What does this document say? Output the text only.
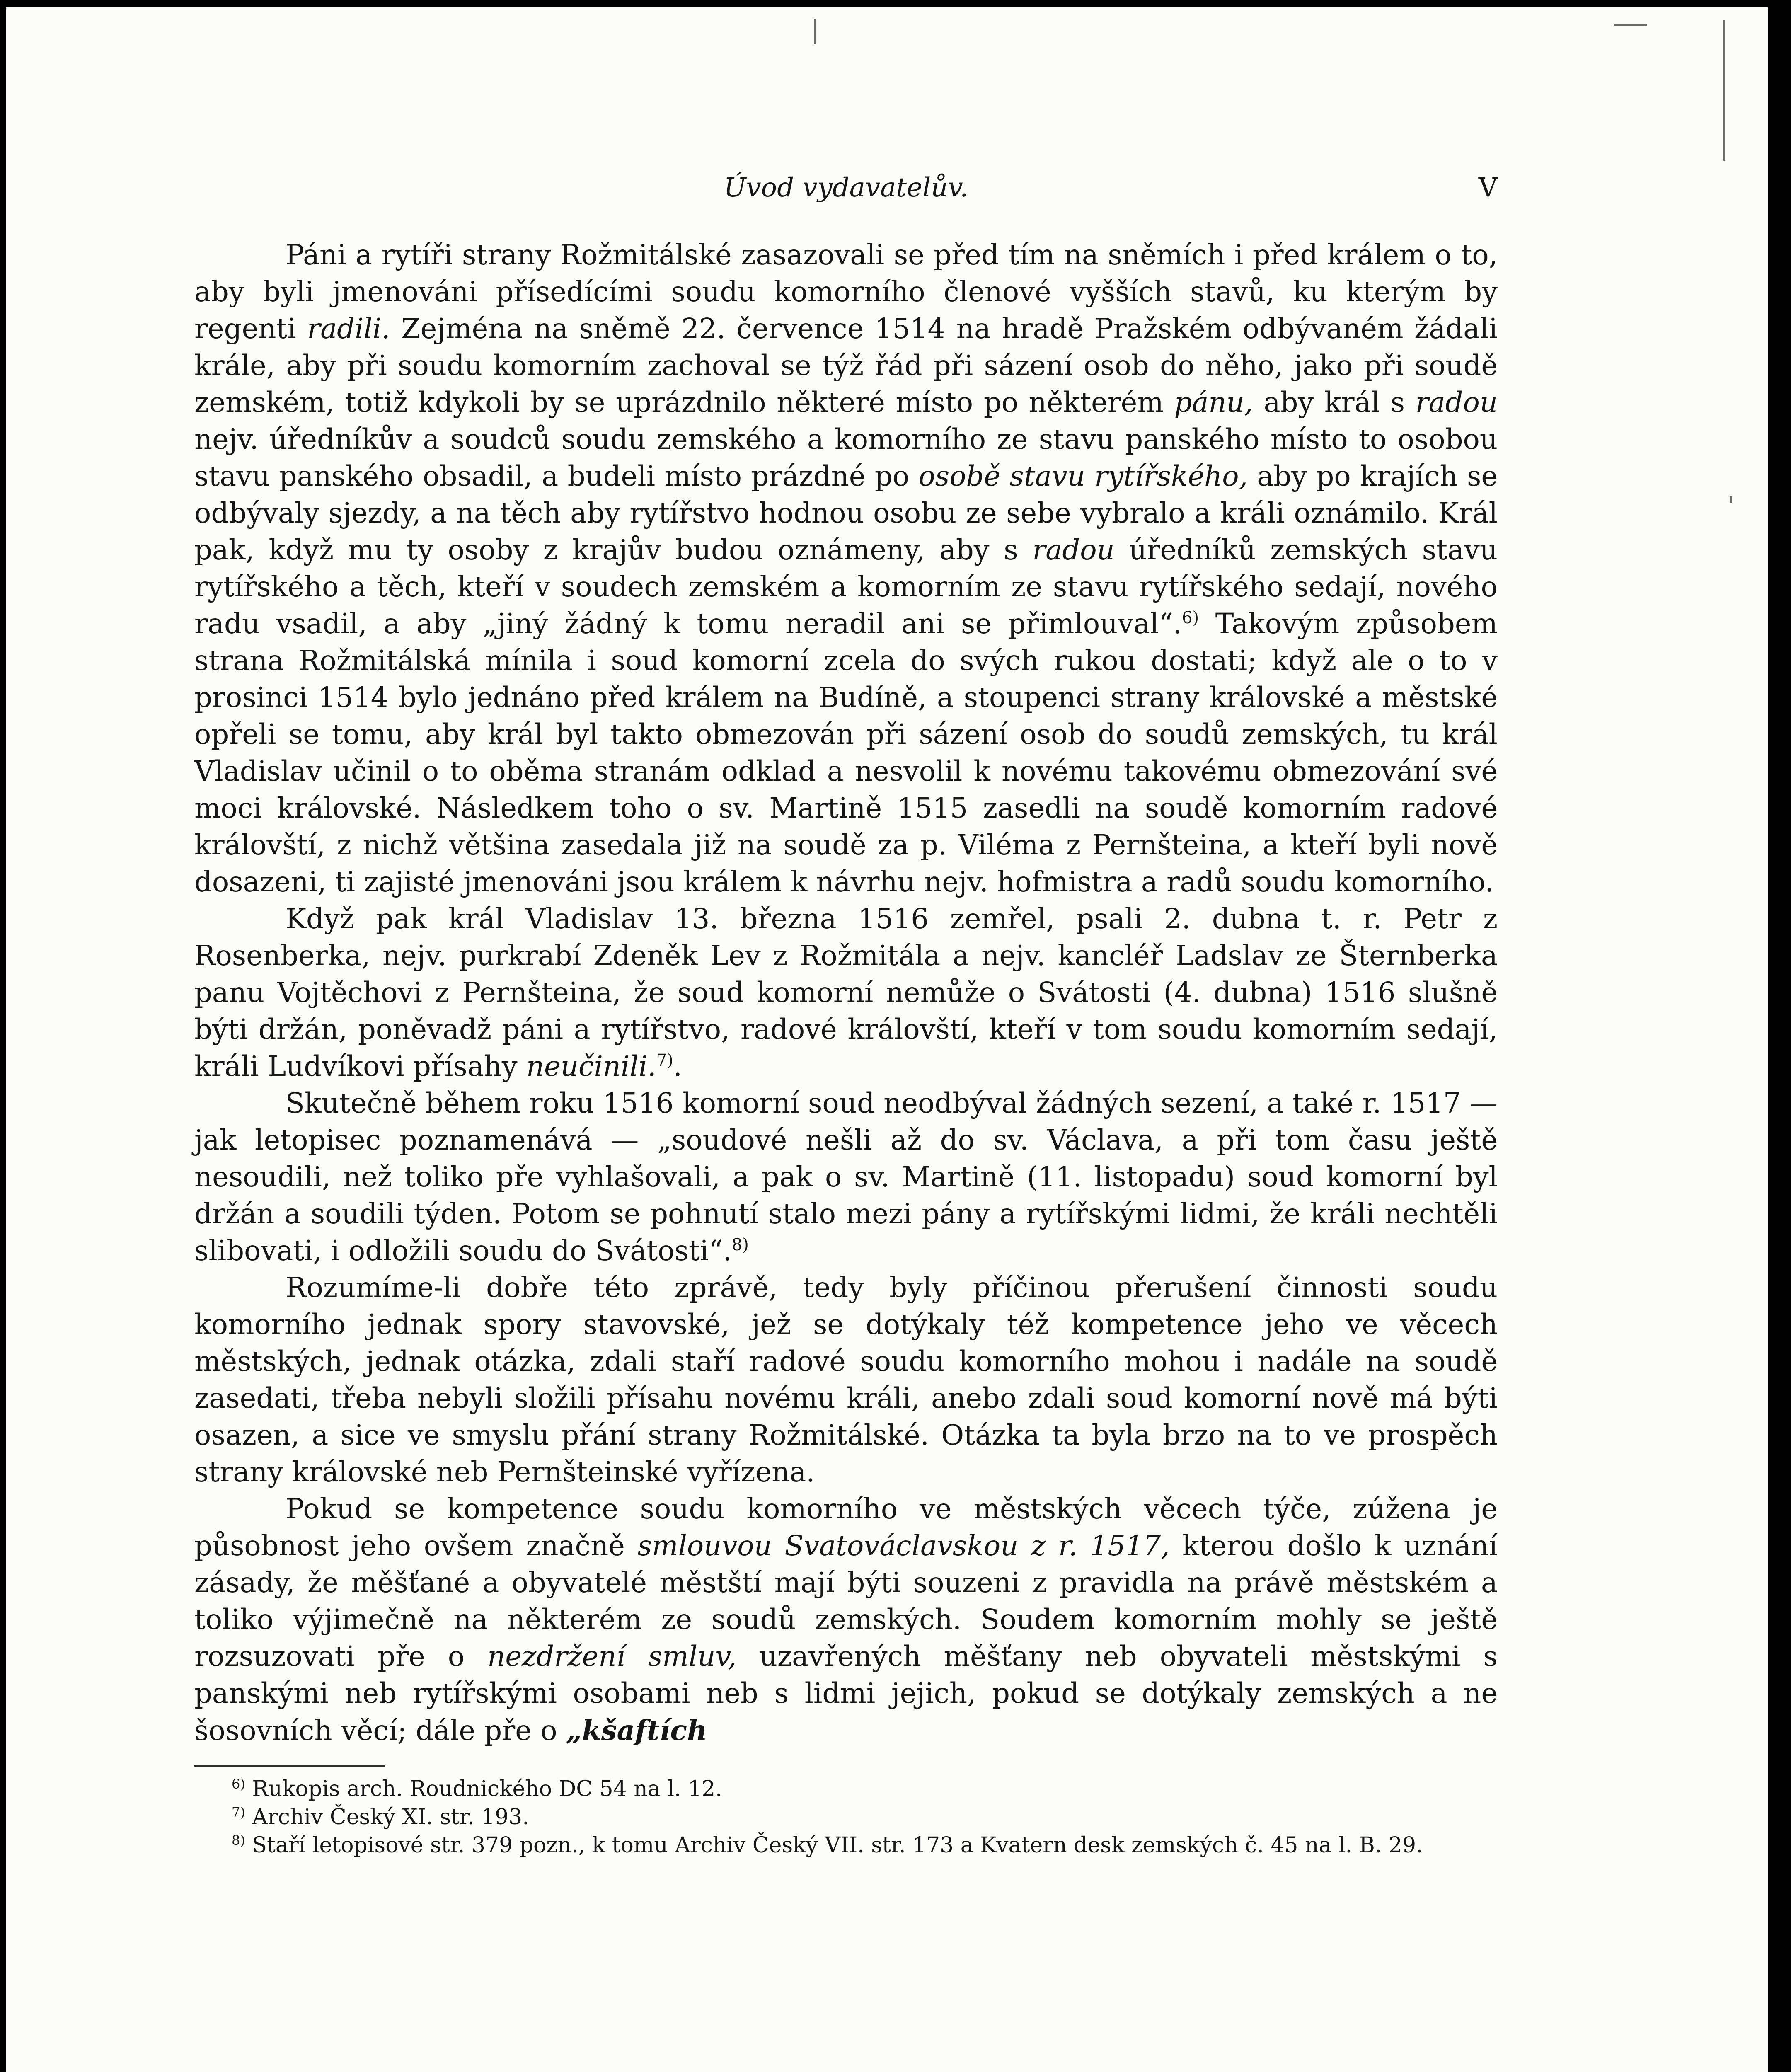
Úvod vydavatelův.	V

Páni a rytíři strany Rožmitálské zasazovali se před tím na sněmích i před králem o to, aby byli jmenováni přísedícími soudu komorního členové vyšších stavů, ku kterým by regenti radili. Zejména na sněmě 22. července 1514 na hradě Pražském odbývaném žádali krále, aby při soudu komorním zachoval se týž řád při sázení osob do něho, jako při soudě zemském, totiž kdykoli by se uprázdnilo některé místo po některém pánu, aby král s radou nejv. úředníkův a soudců soudu zemského a komorního ze stavu panského místo to osobou stavu panského obsadil, a budeli místo prázdné po osobě stavu rytířského, aby po krajích se odbývaly sjezdy, a na těch aby rytířstvo hodnou osobu ze sebe vybralo a králi oznámilo. Král pak, když mu ty osoby z krajův budou oznámeny, aby s radou úředníků zemských stavu rytířského a těch, kteří v soudech zemském a komorním ze stavu rytířského sedají, nového radu vsadil, a aby „jiný žádný k tomu neradil ani se přimlouval“.$^{6)}$ Takovým způsobem strana Rožmitálská mínila i soud komorní zcela do svých rukou dostati; když ale o to v prosinci 1514 bylo jednáno před králem na Budíně, a stoupenci strany královské a městské opřeli se tomu, aby král byl takto obmezován při sázení osob do soudů zemských, tu král Vladislav učinil o to oběma stranám odklad a nesvolil k novému takovému obmezování své moci královské. Následkem toho o sv. Martině 1515 zasedli na soudě komorním radové královští, z nichž většina zasedala již na soudě za p. Viléma z Pernšteina, a kteří byli nově dosazeni, ti zajisté jmenováni jsou králem k návrhu nejv. hofmistra a radů soudu komorního.

Když pak král Vladislav 13. března 1516 zemřel, psali 2. dubna t. r. Petr z Rosenberka, nejv. purkrabí Zdeněk Lev z Rožmitála a nejv. kancléř Ladslav ze Šternberka panu Vojtěchovi z Pernšteina, že soud komorní nemůže o Svátosti (4. dubna) 1516 slušně býti držán, poněvadž páni a rytířstvo, radové královští, kteří v tom soudu komorním sedají, králi Ludvíkovi přísahy neučinili.$^{7)}$.

Skutečně během roku 1516 komorní soud neodbýval žádných sezení, a také r. 1517 — jak letopisec poznamenává — „soudové nešli až do sv. Václava, a při tom času ještě nesoudili, než toliko pře vyhlašovali, a pak o sv. Martině (11. listopadu) soud komorní byl držán a soudili týden. Potom se pohnutí stalo mezi pány a rytířskými lidmi, že králi nechtěli slibovati, i odložili soudu do Svátosti“.$^{8)}$

Rozumíme-li dobře této zprávě, tedy byly příčinou přerušení činnosti soudu komorního jednak spory stavovské, jež se dotýkaly též kompetence jeho ve věcech městských, jednak otázka, zdali staří radové soudu komorního mohou i nadále na soudě zasedati, třeba nebyli složili přísahu novému králi, anebo zdali soud komorní nově má býti osazen, a sice ve smyslu přání strany Rožmitálské. Otázka ta byla brzo na to ve prospěch strany královské neb Pernšteinské vyřízena.

Pokud se kompetence soudu komorního ve městských věcech týče, zúžena je působnost jeho ovšem značně smlouvou Svatováclavskou z r. 1517, kterou došlo k uznání zásady, že měšťané a obyvatelé městští mají býti souzeni z pravidla na právě městském a toliko výjimečně na některém ze soudů zemských. Soudem komorním mohly se ještě rozsuzovati pře o nezdržení smluv, uzavřených měšťany neb obyvateli městskými s panskými neb rytířskými osobami neb s lidmi jejich, pokud se dotýkaly zemských a ne šosovních věcí; dále pře o „kšaftích

$^{6)}$ Rukopis arch. Roudnického DC 54 na l. 12.

$^{7)}$ Archiv Český XI. str. 193.

$^{8)}$ Staří letopisové str. 379 pozn., k tomu Archiv Český VII. str. 173 a Kvatern desk zemských č. 45 na l. B. 29.
